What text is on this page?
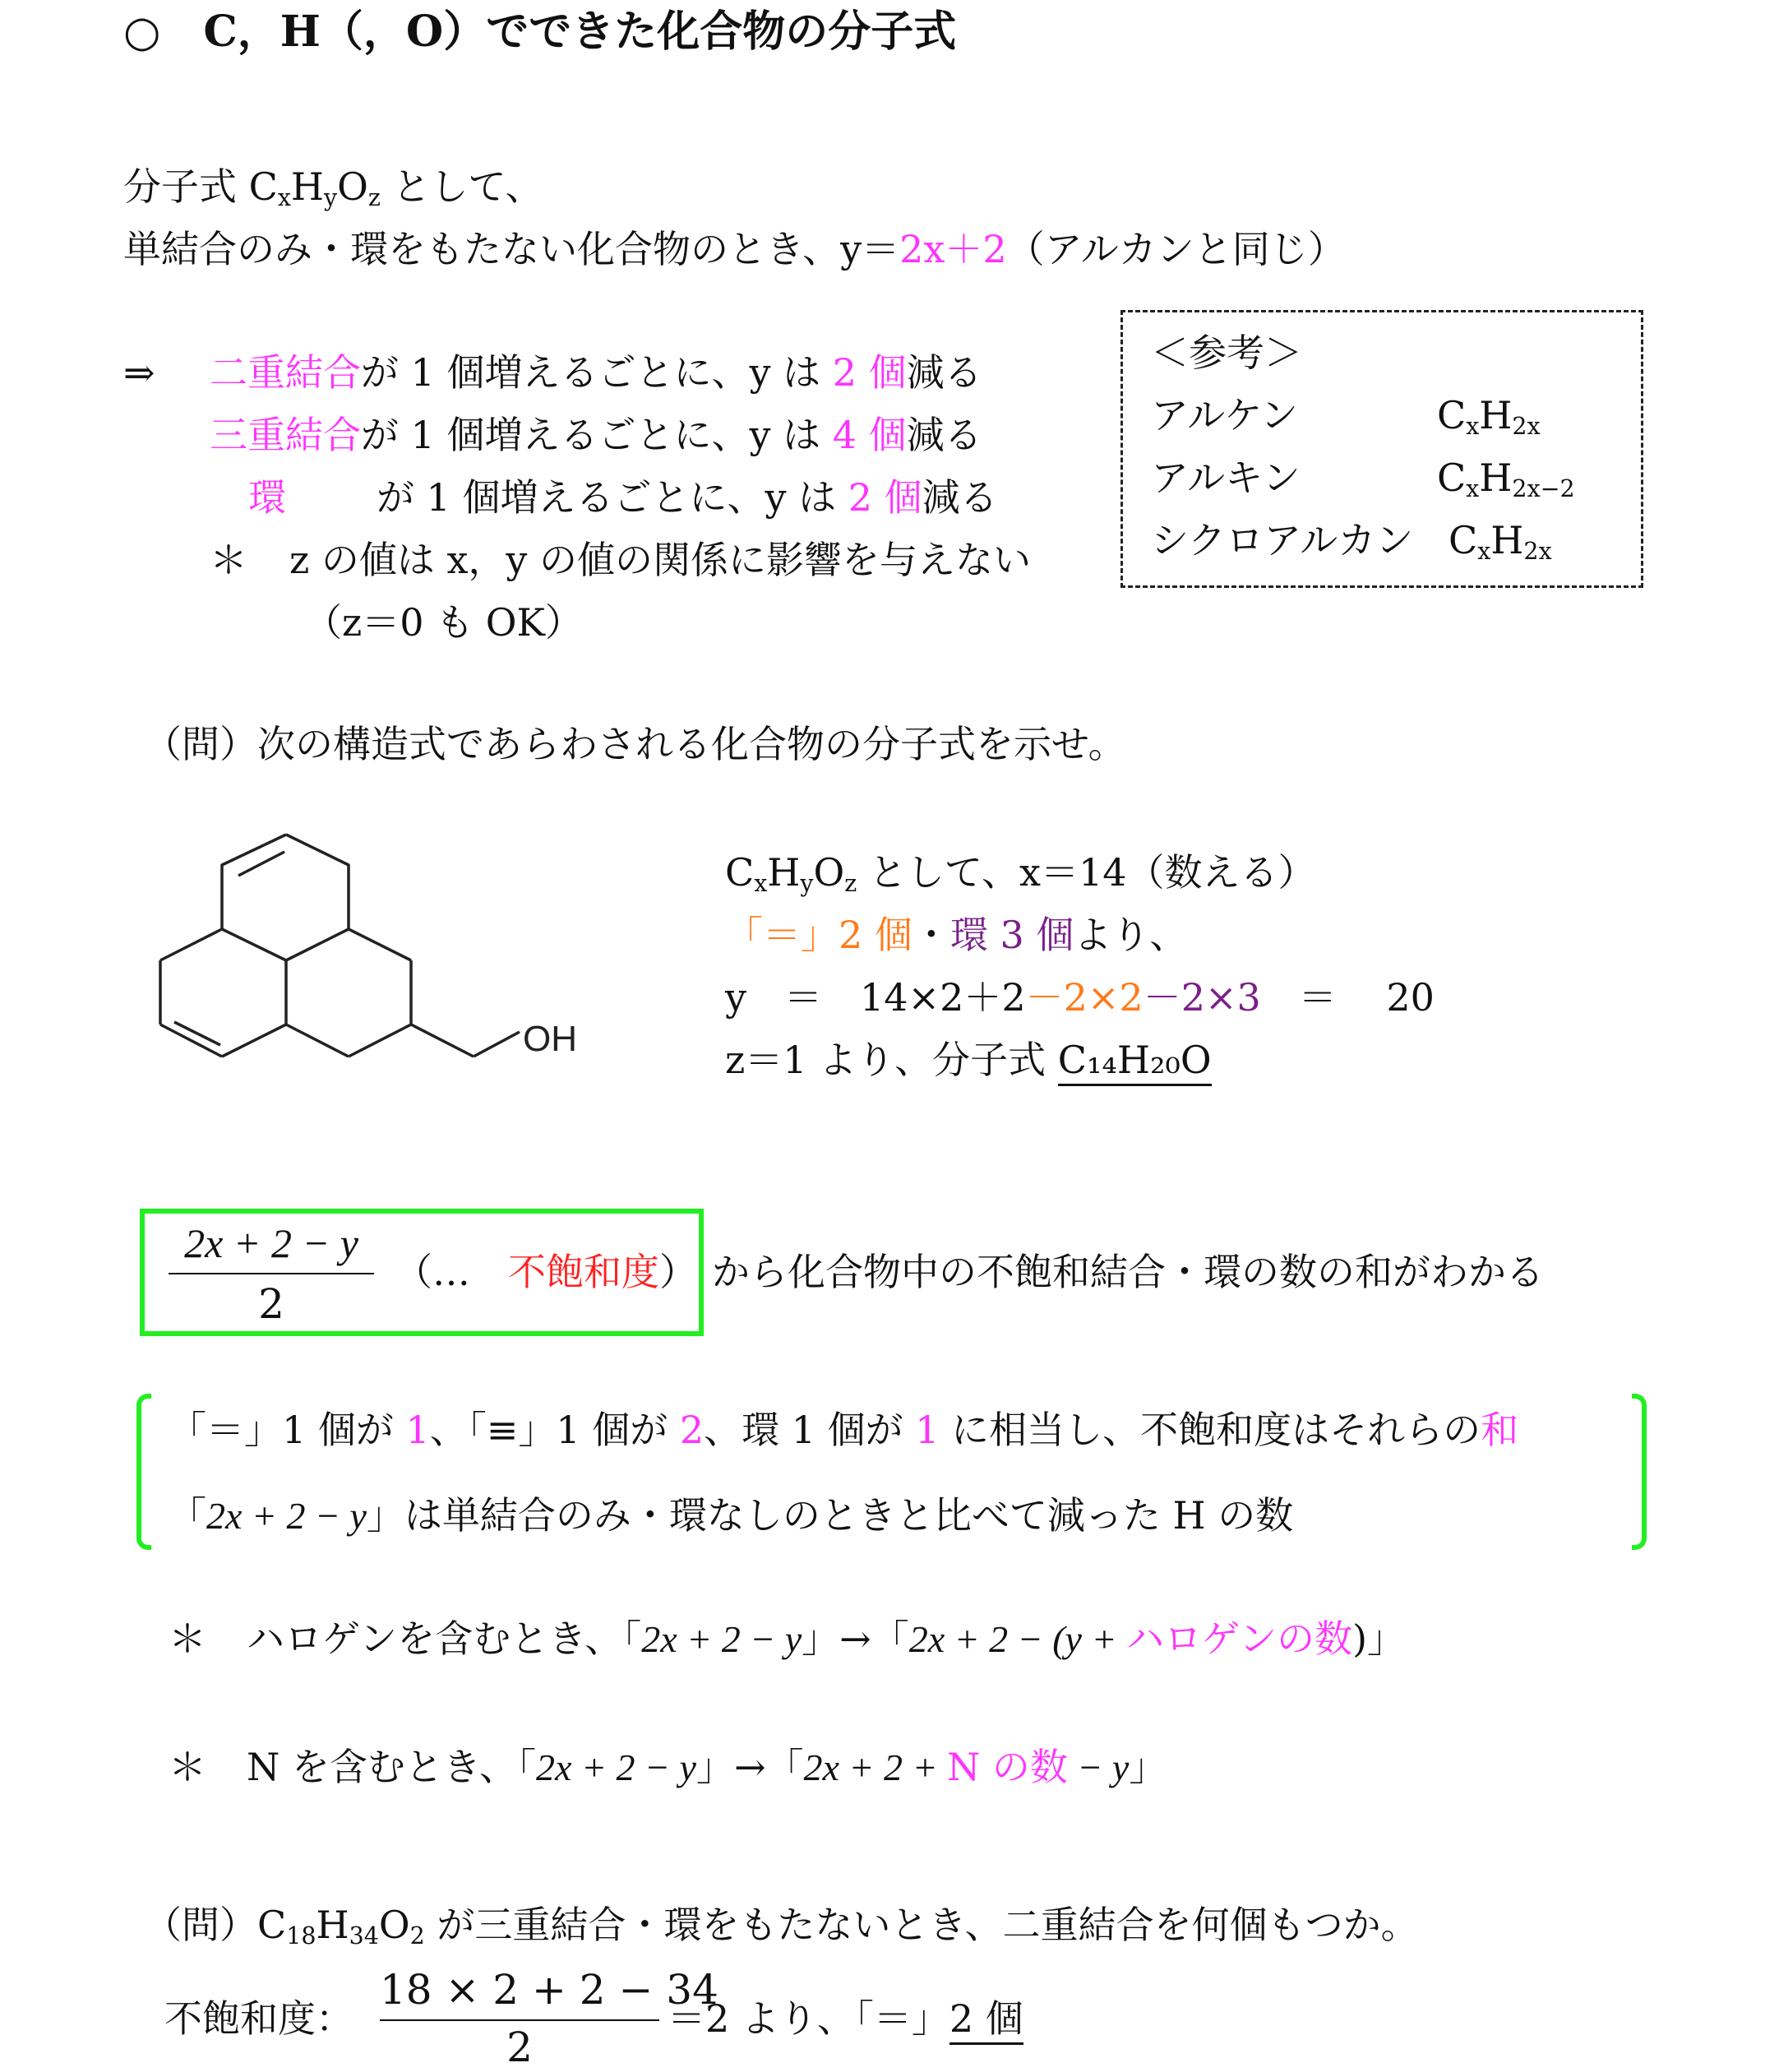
○　C，H（，O）でできた化合物の分子式
分子式 $C_xH_yO_z$ として、
単結合のみ・環をもたない化合物のとき、y＝2x＋2（アルカンと同じ）
⇒ 二重結合が 1 個増えるごとに、y は 2 個減る
三重結合が 1 個増えるごとに、y は 4 個減る
環 が 1 個増えるごとに、y は 2 個減る
＊ z の値は x，y の値の関係に影響を与えない
（z＝0 も OK）
＜参考＞
アルケン	$C_xH_{2x}$
アルキン	$C_xH_{2x-2}$
シクロアルカン $C_xH_{2x}$
（問）次の構造式であらわされる化合物の分子式を示せ。
OH
$C_xH_yO_z$ として、x＝14（数える）
「＝」2 個・環 3 個より、
y　＝　14×2＋2－2×2－2×3　＝　 20
z＝1 より、分子式 C₁₄H₂₀O
2x + 2 − y
2
（…　不飽和度） から化合物中の不飽和結合・環の数の和がわかる
「＝」1 個が 1、「≡」1 個が 2、環 1 個が 1 に相当し、不飽和度はそれらの和
「2x + 2 − y」は単結合のみ・環なしのときと比べて減った H の数
＊ ハロゲンを含むとき、「2x + 2 − y」→「2x + 2 − (y + ハロゲンの数)」
＊ N を含むとき、「2x + 2 − y」→「2x + 2 + N の数 − y」
（問）$C_{18}H_{34}O_2$ が三重結合・環をもたないとき、二重結合を何個もつか。
不飽和度：
18 × 2 + 2 − 34
2
＝2 より、「＝」2 個
